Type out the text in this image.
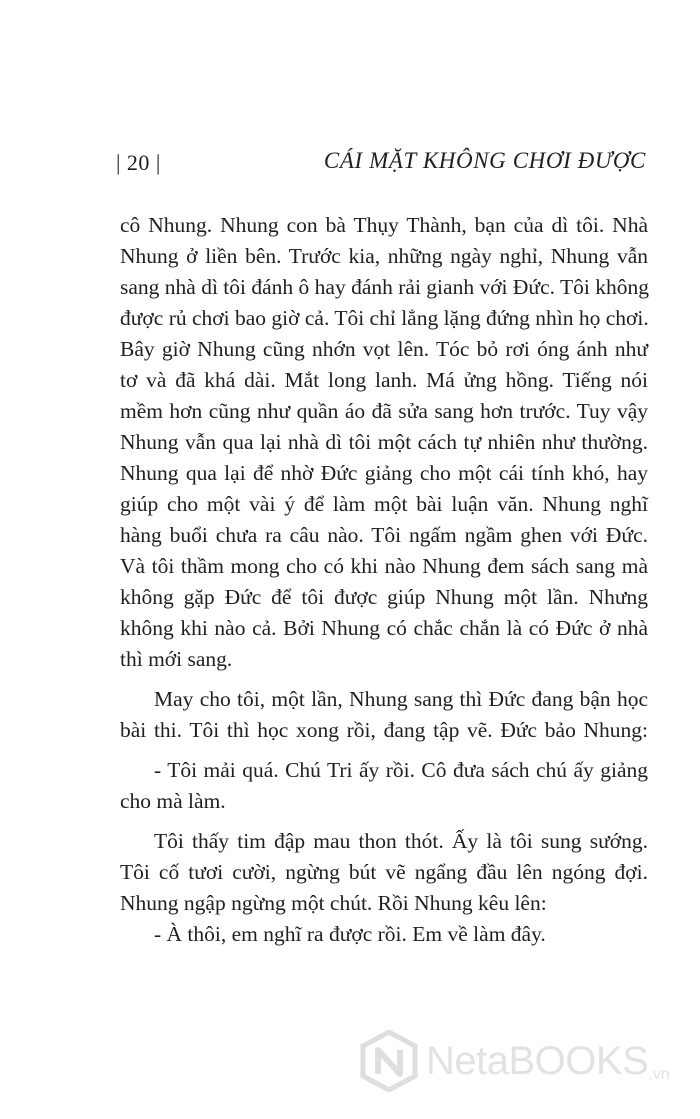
| 20 |	CÁI MẶT KHÔNG CHƠI ĐƯỢC
cô Nhung. Nhung con bà Thụy Thành, bạn của dì tôi. Nhà
Nhung ở liền bên. Trước kia, những ngày nghỉ, Nhung vẫn
sang nhà dì tôi đánh ô hay đánh rải gianh với Đức. Tôi không
được rủ chơi bao giờ cả. Tôi chỉ lẳng lặng đứng nhìn họ chơi.
Bây giờ Nhung cũng nhớn vọt lên. Tóc bỏ rơi óng ánh như
tơ và đã khá dài. Mắt long lanh. Má ửng hồng. Tiếng nói
mềm hơn cũng như quần áo đã sửa sang hơn trước. Tuy vậy
Nhung vẫn qua lại nhà dì tôi một cách tự nhiên như thường.
Nhung qua lại để nhờ Đức giảng cho một cái tính khó, hay
giúp cho một vài ý để làm một bài luận văn. Nhung nghĩ
hàng buổi chưa ra câu nào. Tôi ngấm ngầm ghen với Đức.
Và tôi thầm mong cho có khi nào Nhung đem sách sang mà
không gặp Đức để tôi được giúp Nhung một lần. Nhưng
không khi nào cả. Bởi Nhung có chắc chắn là có Đức ở nhà
thì mới sang.
May cho tôi, một lần, Nhung sang thì Đức đang bận học
bài thi. Tôi thì học xong rồi, đang tập vẽ. Đức bảo Nhung:
- Tôi mải quá. Chú Tri ấy rồi. Cô đưa sách chú ấy giảng
cho mà làm.
Tôi thấy tim đập mau thon thót. Ấy là tôi sung sướng.
Tôi cố tươi cười, ngừng bút vẽ ngẩng đầu lên ngóng đợi.
Nhung ngập ngừng một chút. Rồi Nhung kêu lên:
- À thôi, em nghĩ ra được rồi. Em về làm đây.
NetaBOOKS .vn
